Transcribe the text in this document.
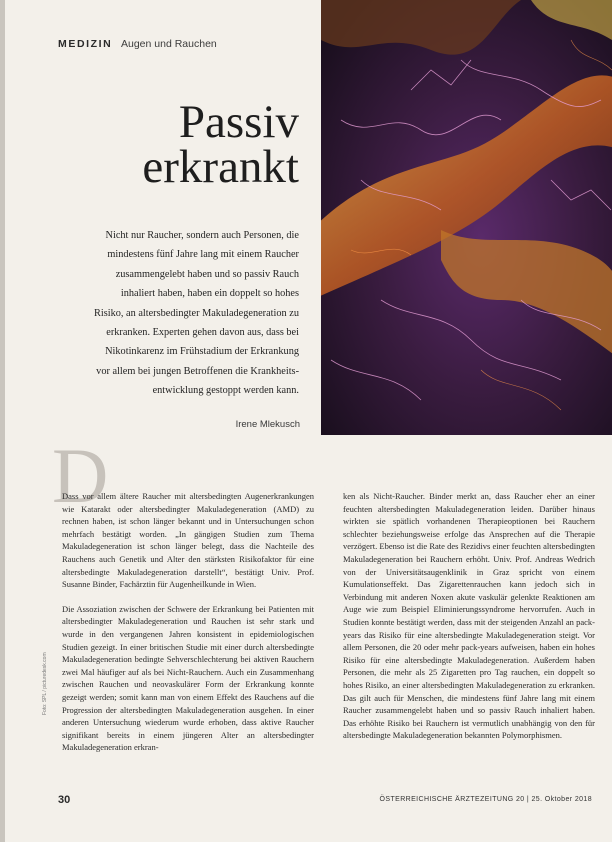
MEDIZIN Augen und Rauchen
Passiv
erkrankt
Nicht nur Raucher, sondern auch Personen, die
mindestens fünf Jahre lang mit einem Raucher
zusammengelebt haben und so passiv Rauch
inhaliert haben, haben ein doppelt so hohes
Risiko, an altersbedingter Makuladegeneration zu
erkranken. Experten gehen davon aus, dass bei
Nikotinkarenz im Frühstadium der Erkrankung
vor allem bei jungen Betroffenen die Krankheits-
entwicklung gestoppt werden kann.
Irene Mlekusch
D

Dass vor allem ältere Raucher mit altersbedingten Augenerkrankungen wie Katarakt oder altersbedingter Makuladegeneration (AMD) zu rechnen haben, ist schon länger bekannt und in Untersuchungen schon mehrfach bestätigt worden. „In gängigen Studien zum Thema Makuladegeneration ist schon länger belegt, dass die Nachteile des Rauchens auch Genetik und Alter den stärksten Risikofaktor für eine altersbedingte Makuladegeneration darstellt“, bestätigt Univ. Prof. Susanne Binder, Fachärztin für Augenheilkunde in Wien.

Die Assoziation zwischen der Schwere der Erkrankung bei Patienten mit altersbedingter Makuladegeneration und Rauchen ist sehr stark und wurde in den vergangenen Jahren konsistent in epidemiologischen Studien gezeigt. In einer britischen Studie mit einer durch altersbedingte Makuladegeneration bedingte Sehverschlechterung bei aktiven Rauchern zwei Mal häufiger auf als bei Nicht-Rauchern. Auch ein Zusammenhang zwischen Rauchen und neovaskulärer Form der Erkrankung konnte gezeigt werden; somit kann man von einem Effekt des Rauchens auf die Progression der altersbedingten Makuladegeneration ausgehen. In einer anderen Untersuchung wiederum wurde erhoben, dass aktive Raucher signifikant bereits in einem jüngeren Alter an altersbedingter Makuladegeneration erkran-

ken als Nicht-Raucher. Binder merkt an, dass Raucher eher an einer feuchten altersbedingten Makuladegeneration leiden. Darüber hinaus wirkten sie spätlich vorhandenen Therapieoptionen bei Rauchern schlechter beziehungsweise erfolge das Ansprechen auf die Therapie verzögert. Ebenso ist die Rate des Rezidivs einer feuchten altersbedingten Makuladegeneration bei Rauchern erhöht. Univ. Prof. Andreas Wedrich von der Universitätsaugenklinik in Graz spricht von einem Kumulationseffekt. Das Zigarettenrauchen kann jedoch sich in Verbindung mit anderen Noxen akute vaskulär gelenkte Reaktionen am Auge wie zum Beispiel Eliminierungssyndrome hervorrufen. Auch in Studien konnte bestätigt werden, dass mit der steigenden Anzahl an pack-years das Risiko für eine altersbedingte Makuladegeneration steigt. Vor allem Personen, die 20 oder mehr pack-years aufweisen, haben ein hohes Risiko für eine altersbedingte Makuladegeneration. Außerdem haben Personen, die mehr als 25 Zigaretten pro Tag rauchen, ein doppelt so hohes Risiko, an einer altersbedingten Makuladegeneration zu erkranken. Das gilt auch für Menschen, die mindestens fünf Jahre lang mit einem Raucher zusammengelebt haben und so passiv Rauch inhaliert haben. Das erhöhte Risiko bei Rauchern ist vermutlich unabhängig von den für altersbedingte Makuladegeneration bekannten Polymorphismen.

Foto: SPL / picturedesk.com
30	ÖSTERREICHISCHE ÄRZTEZEITUNG 20 | 25. Oktober 2018
